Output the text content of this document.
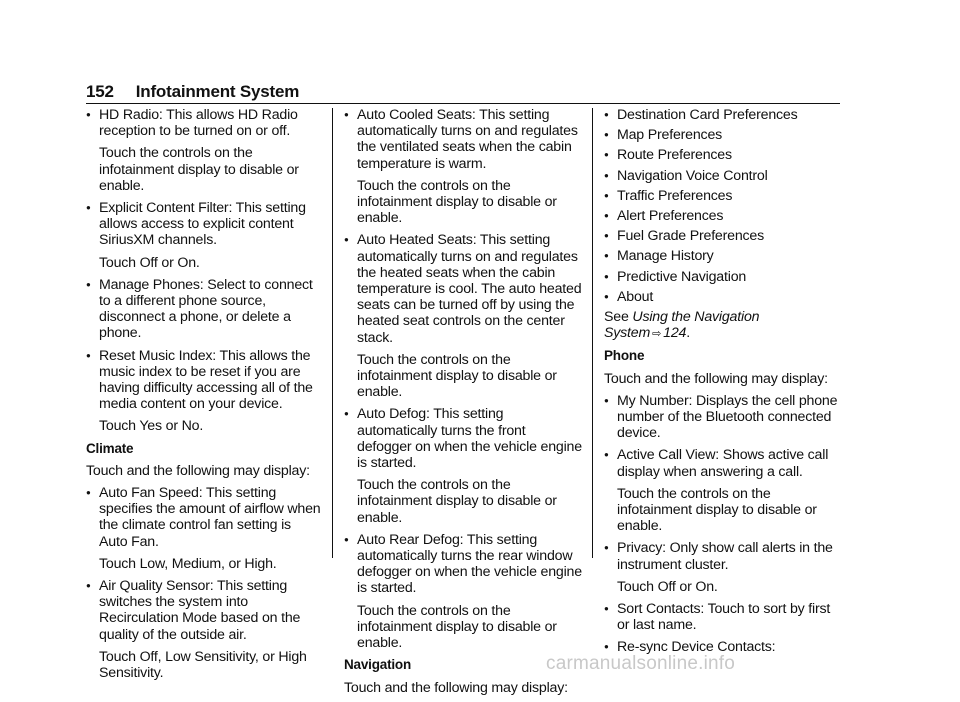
152 Infotainment System
● HD Radio: This allows HD Radio reception to be turned on or off.
Touch the controls on the infotainment display to disable or enable.
● Explicit Content Filter: This setting allows access to explicit content SiriusXM channels.
Touch Off or On.
● Manage Phones: Select to connect to a different phone source, disconnect a phone, or delete a phone.
● Reset Music Index: This allows the music index to be reset if you are having difficulty accessing all of the media content on your device.
Touch Yes or No.
Climate
Touch and the following may display:
● Auto Fan Speed: This setting specifies the amount of airflow when the climate control fan setting is Auto Fan.
Touch Low, Medium, or High.
● Air Quality Sensor: This setting switches the system into Recirculation Mode based on the quality of the outside air.
Touch Off, Low Sensitivity, or High Sensitivity.
● Auto Cooled Seats: This setting automatically turns on and regulates the ventilated seats when the cabin temperature is warm.
Touch the controls on the infotainment display to disable or enable.
● Auto Heated Seats: This setting automatically turns on and regulates the heated seats when the cabin temperature is cool. The auto heated seats can be turned off by using the heated seat controls on the center stack.
Touch the controls on the infotainment display to disable or enable.
● Auto Defog: This setting automatically turns the front defogger on when the vehicle engine is started.
Touch the controls on the infotainment display to disable or enable.
● Auto Rear Defog: This setting automatically turns the rear window defogger on when the vehicle engine is started.
Touch the controls on the infotainment display to disable or enable.
Navigation
Touch and the following may display:
● Destination Card Preferences
● Map Preferences
● Route Preferences
● Navigation Voice Control
● Traffic Preferences
● Alert Preferences
● Fuel Grade Preferences
● Manage History
● Predictive Navigation
● About
See Using the Navigation System ⇨ 124.
Phone
Touch and the following may display:
● My Number: Displays the cell phone number of the Bluetooth connected device.
● Active Call View: Shows active call display when answering a call.
Touch the controls on the infotainment display to disable or enable.
● Privacy: Only show call alerts in the instrument cluster.
Touch Off or On.
● Sort Contacts: Touch to sort by first or last name.
● Re-sync Device Contacts:
carmanualsonline.info
